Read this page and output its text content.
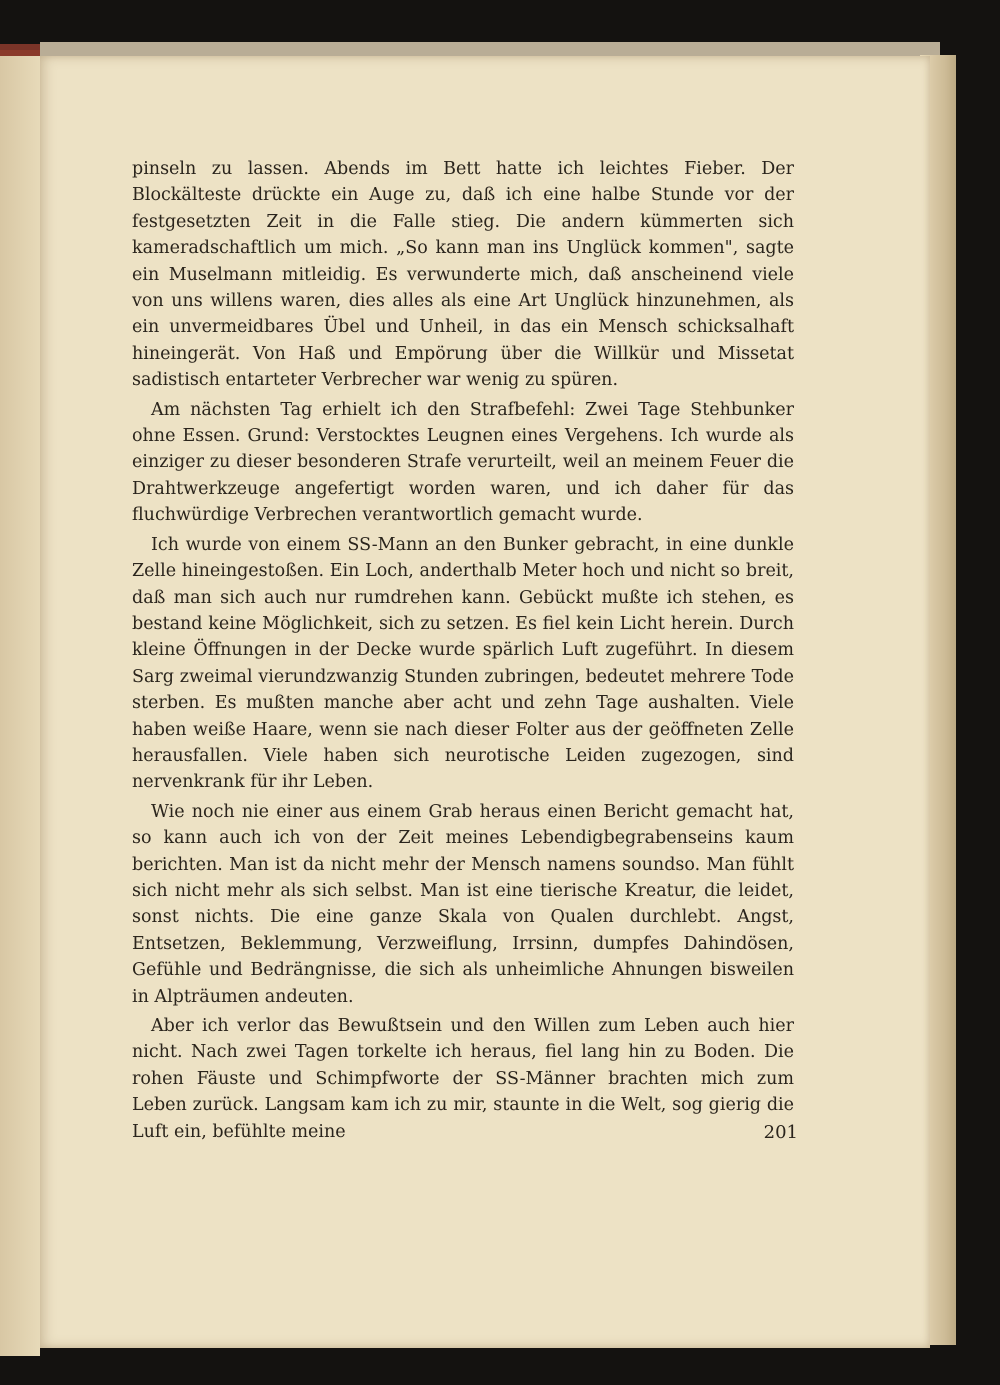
pinseln zu lassen. Abends im Bett hatte ich leichtes Fieber. Der Blockälteste drückte ein Auge zu, daß ich eine halbe Stunde vor der festgesetzten Zeit in die Falle stieg. Die andern kümmerten sich kameradschaftlich um mich. „So kann man ins Unglück kommen", sagte ein Muselmann mitleidig. Es verwunderte mich, daß anscheinend viele von uns willens waren, dies alles als eine Art Unglück hinzunehmen, als ein unvermeidbares Übel und Unheil, in das ein Mensch schicksalhaft hineingerät. Von Haß und Empörung über die Willkür und Missetat sadistisch entarteter Verbrecher war wenig zu spüren.

Am nächsten Tag erhielt ich den Strafbefehl: Zwei Tage Stehbunker ohne Essen. Grund: Verstocktes Leugnen eines Vergehens. Ich wurde als einziger zu dieser besonderen Strafe verurteilt, weil an meinem Feuer die Drahtwerkzeuge angefertigt worden waren, und ich daher für das fluchwürdige Verbrechen verantwortlich gemacht wurde.

Ich wurde von einem SS-Mann an den Bunker gebracht, in eine dunkle Zelle hineingestoßen. Ein Loch, anderthalb Meter hoch und nicht so breit, daß man sich auch nur rumdrehen kann. Gebückt mußte ich stehen, es bestand keine Möglichkeit, sich zu setzen. Es fiel kein Licht herein. Durch kleine Öffnungen in der Decke wurde spärlich Luft zugeführt. In diesem Sarg zweimal vierundzwanzig Stunden zubringen, bedeutet mehrere Tode sterben. Es mußten manche aber acht und zehn Tage aushalten. Viele haben weiße Haare, wenn sie nach dieser Folter aus der geöffneten Zelle herausfallen. Viele haben sich neurotische Leiden zugezogen, sind nervenkrank für ihr Leben.

Wie noch nie einer aus einem Grab heraus einen Bericht gemacht hat, so kann auch ich von der Zeit meines Lebendigbegrabenseins kaum berichten. Man ist da nicht mehr der Mensch namens soundso. Man fühlt sich nicht mehr als sich selbst. Man ist eine tierische Kreatur, die leidet, sonst nichts. Die eine ganze Skala von Qualen durchlebt. Angst, Entsetzen, Beklemmung, Verzweiflung, Irrsinn, dumpfes Dahindösen, Gefühle und Bedrängnisse, die sich als unheimliche Ahnungen bisweilen in Alpträumen andeuten.

Aber ich verlor das Bewußtsein und den Willen zum Leben auch hier nicht. Nach zwei Tagen torkelte ich heraus, fiel lang hin zu Boden. Die rohen Fäuste und Schimpfworte der SS-Männer brachten mich zum Leben zurück. Langsam kam ich zu mir, staunte in die Welt, sog gierig die Luft ein, befühlte meine	201
